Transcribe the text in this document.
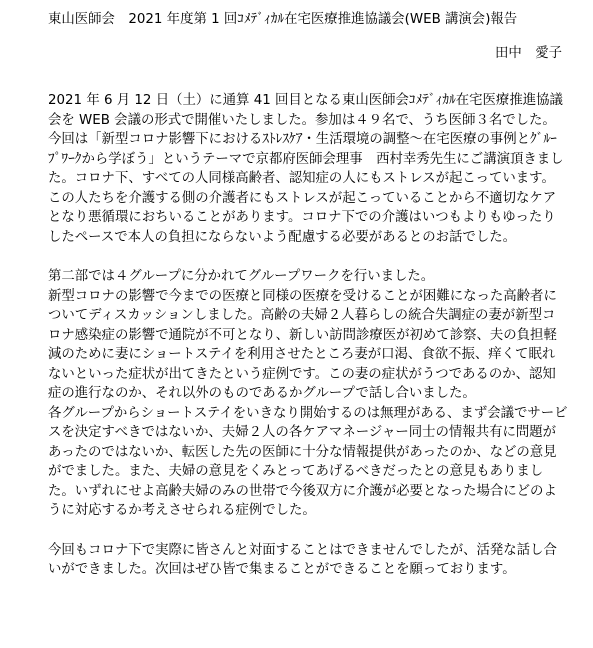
東山医師会　2021 年度第 1 回ｺﾒﾃﾞｨｶﾙ在宅医療推進協議会(WEB 講演会)報告
田中　愛子

2021 年 6 月 12 日（土）に通算 41 回目となる東山医師会ｺﾒﾃﾞｨｶﾙ在宅医療推進協議会を WEB 会議の形式で開催いたしました。参加は４９名で、うち医師３名でした。今回は「新型コロナ影響下におけるｽﾄﾚｽｹｱ・生活環境の調整～在宅医療の事例とｸﾞﾙｰﾌﾟﾜｰｸから学ぼう」というテーマで京都府医師会理事　西村幸秀先生にご講演頂きました。コロナ下、すべての人同様高齢者、認知症の人にもストレスが起こっています。この人たちを介護する側の介護者にもストレスが起こっていることから不適切なケアとなり悪循環におちいることがあります。コロナ下での介護はいつもよりもゆったりしたペースで本人の負担にならないよう配慮する必要があるとのお話でした。

第二部では４グループに分かれてグループワークを行いました。

新型コロナの影響で今までの医療と同様の医療を受けることが困難になった高齢者についてディスカッションしました。高齢の夫婦２人暮らしの統合失調症の妻が新型コロナ感染症の影響で通院が不可となり、新しい訪問診療医が初めて診察、夫の負担軽減のために妻にショートステイを利用させたところ妻が口渇、食欲不振、痒くて眠れないといった症状が出てきたという症例です。この妻の症状がうつであるのか、認知症の進行なのか、それ以外のものであるかグループで話し合いました。

各グループからショートステイをいきなり開始するのは無理がある、まず会議でサービスを決定すべきではないか、夫婦２人の各ケアマネージャー同士の情報共有に問題があったのではないか、転医した先の医師に十分な情報提供があったのか、などの意見がでました。また、夫婦の意見をくみとってあげるべきだったとの意見もありました。いずれにせよ高齢夫婦のみの世帯で今後双方に介護が必要となった場合にどのように対応するか考えさせられる症例でした。

今回もコロナ下で実際に皆さんと対面することはできませんでしたが、活発な話し合いができました。次回はぜひ皆で集まることができることを願っております。
